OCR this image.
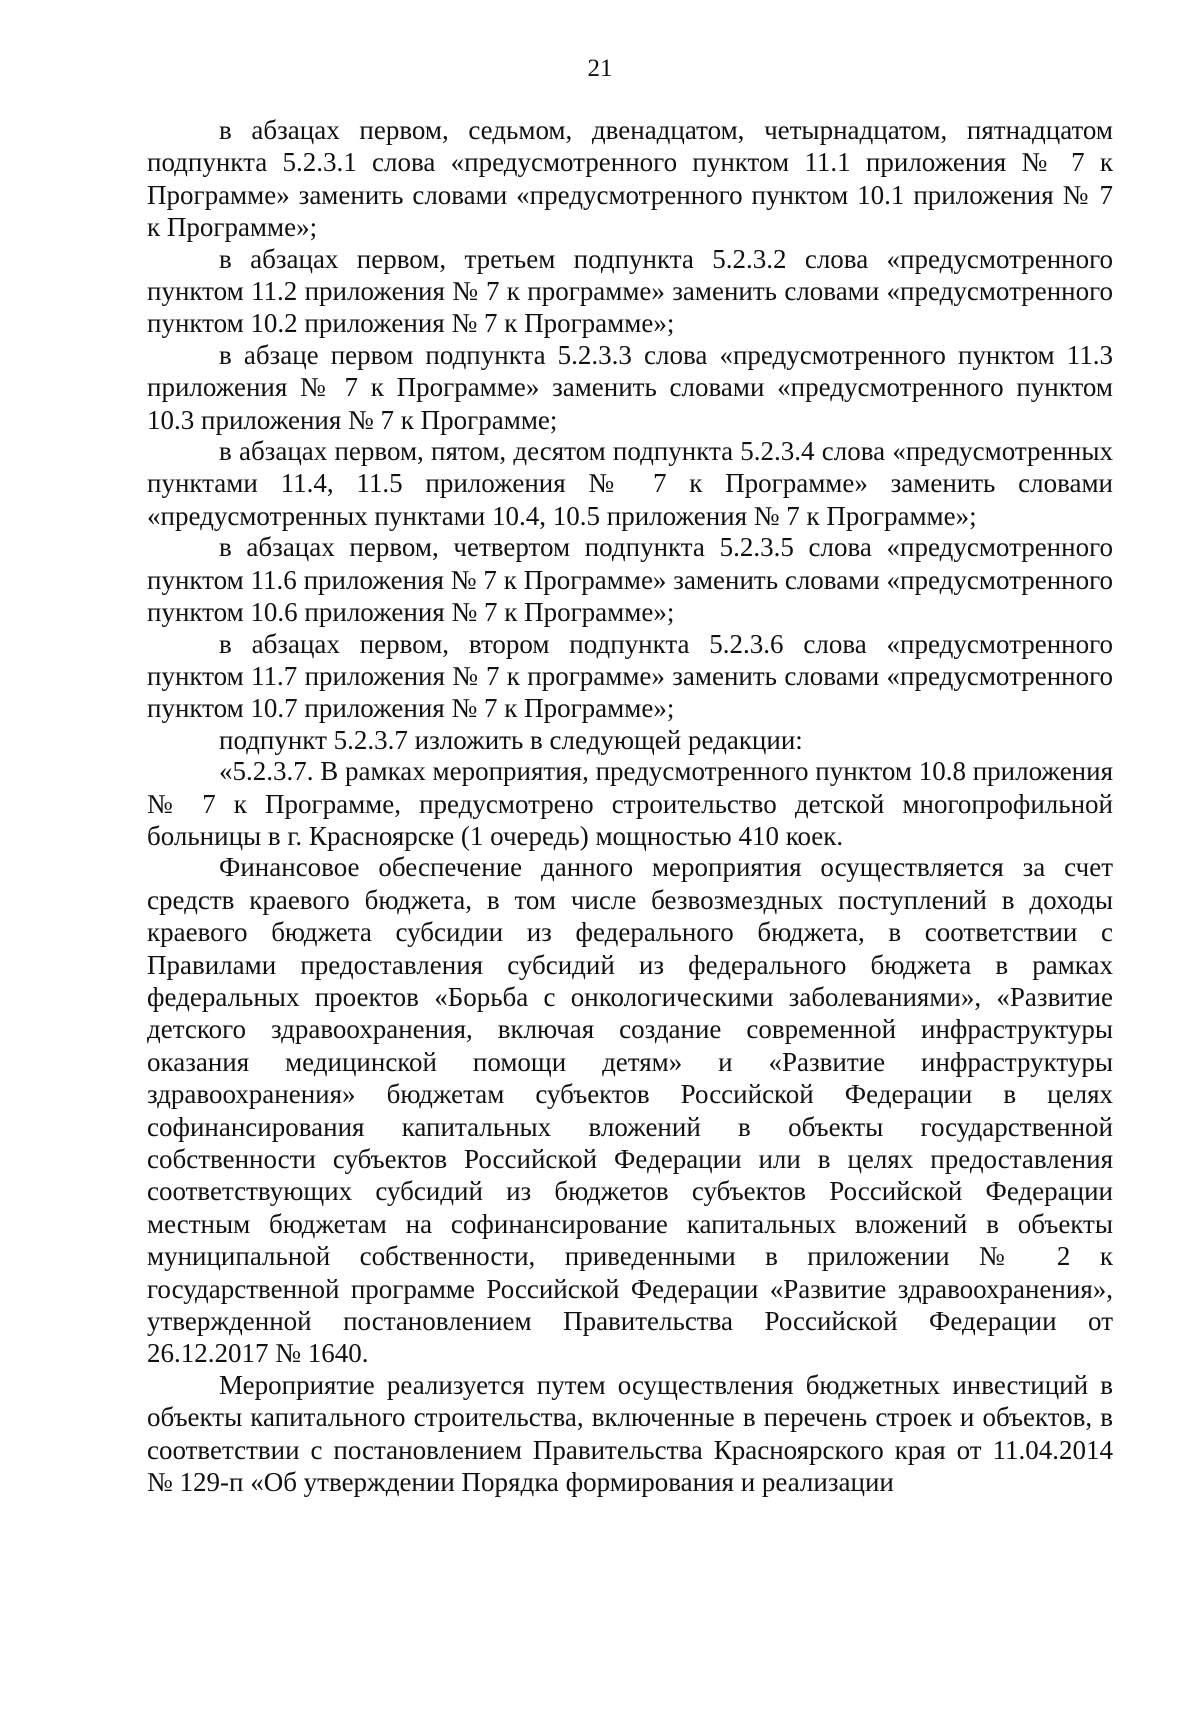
21

в абзацах первом, седьмом, двенадцатом, четырнадцатом, пятнадцатом подпункта 5.2.3.1 слова «предусмотренного пунктом 11.1 приложения № 7 к Программе» заменить словами «предусмотренного пунктом 10.1 приложения № 7 к Программе»;

в абзацах первом, третьем подпункта 5.2.3.2 слова «предусмотренного пунктом 11.2 приложения № 7 к программе» заменить словами «предусмотренного пунктом 10.2 приложения № 7 к Программе»;

в абзаце первом подпункта 5.2.3.3 слова «предусмотренного пунктом 11.3 приложения № 7 к Программе» заменить словами «предусмотренного пунктом 10.3 приложения № 7 к Программе;

в абзацах первом, пятом, десятом подпункта 5.2.3.4 слова «предусмотренных пунктами 11.4, 11.5 приложения № 7 к Программе» заменить словами «предусмотренных пунктами 10.4, 10.5 приложения № 7 к Программе»;

в абзацах первом, четвертом подпункта 5.2.3.5 слова «предусмотренного пунктом 11.6 приложения № 7 к Программе» заменить словами «предусмотренного пунктом 10.6 приложения № 7 к Программе»;

в абзацах первом, втором подпункта 5.2.3.6 слова «предусмотренного пунктом 11.7 приложения № 7 к программе» заменить словами «предусмотренного пунктом 10.7 приложения № 7 к Программе»;

подпункт 5.2.3.7 изложить в следующей редакции:

«5.2.3.7. В рамках мероприятия, предусмотренного пунктом 10.8 приложения № 7 к Программе, предусмотрено строительство детской многопрофильной больницы в г. Красноярске (1 очередь) мощностью 410 коек.

Финансовое обеспечение данного мероприятия осуществляется за счет средств краевого бюджета, в том числе безвозмездных поступлений в доходы краевого бюджета субсидии из федерального бюджета, в соответствии с Правилами предоставления субсидий из федерального бюджета в рамках федеральных проектов «Борьба с онкологическими заболеваниями», «Развитие детского здравоохранения, включая создание современной инфраструктуры оказания медицинской помощи детям» и «Развитие инфраструктуры здравоохранения» бюджетам субъектов Российской Федерации в целях софинансирования капитальных вложений в объекты государственной собственности субъектов Российской Федерации или в целях предоставления соответствующих субсидий из бюджетов субъектов Российской Федерации местным бюджетам на софинансирование капитальных вложений в объекты муниципальной собственности, приведенными в приложении № 2 к государственной программе Российской Федерации «Развитие здравоохранения», утвержденной постановлением Правительства Российской Федерации от 26.12.2017 № 1640.

Мероприятие реализуется путем осуществления бюджетных инвестиций в объекты капитального строительства, включенные в перечень строек и объектов, в соответствии с постановлением Правительства Красноярского края от 11.04.2014 № 129-п «Об утверждении Порядка формирования и реализации
